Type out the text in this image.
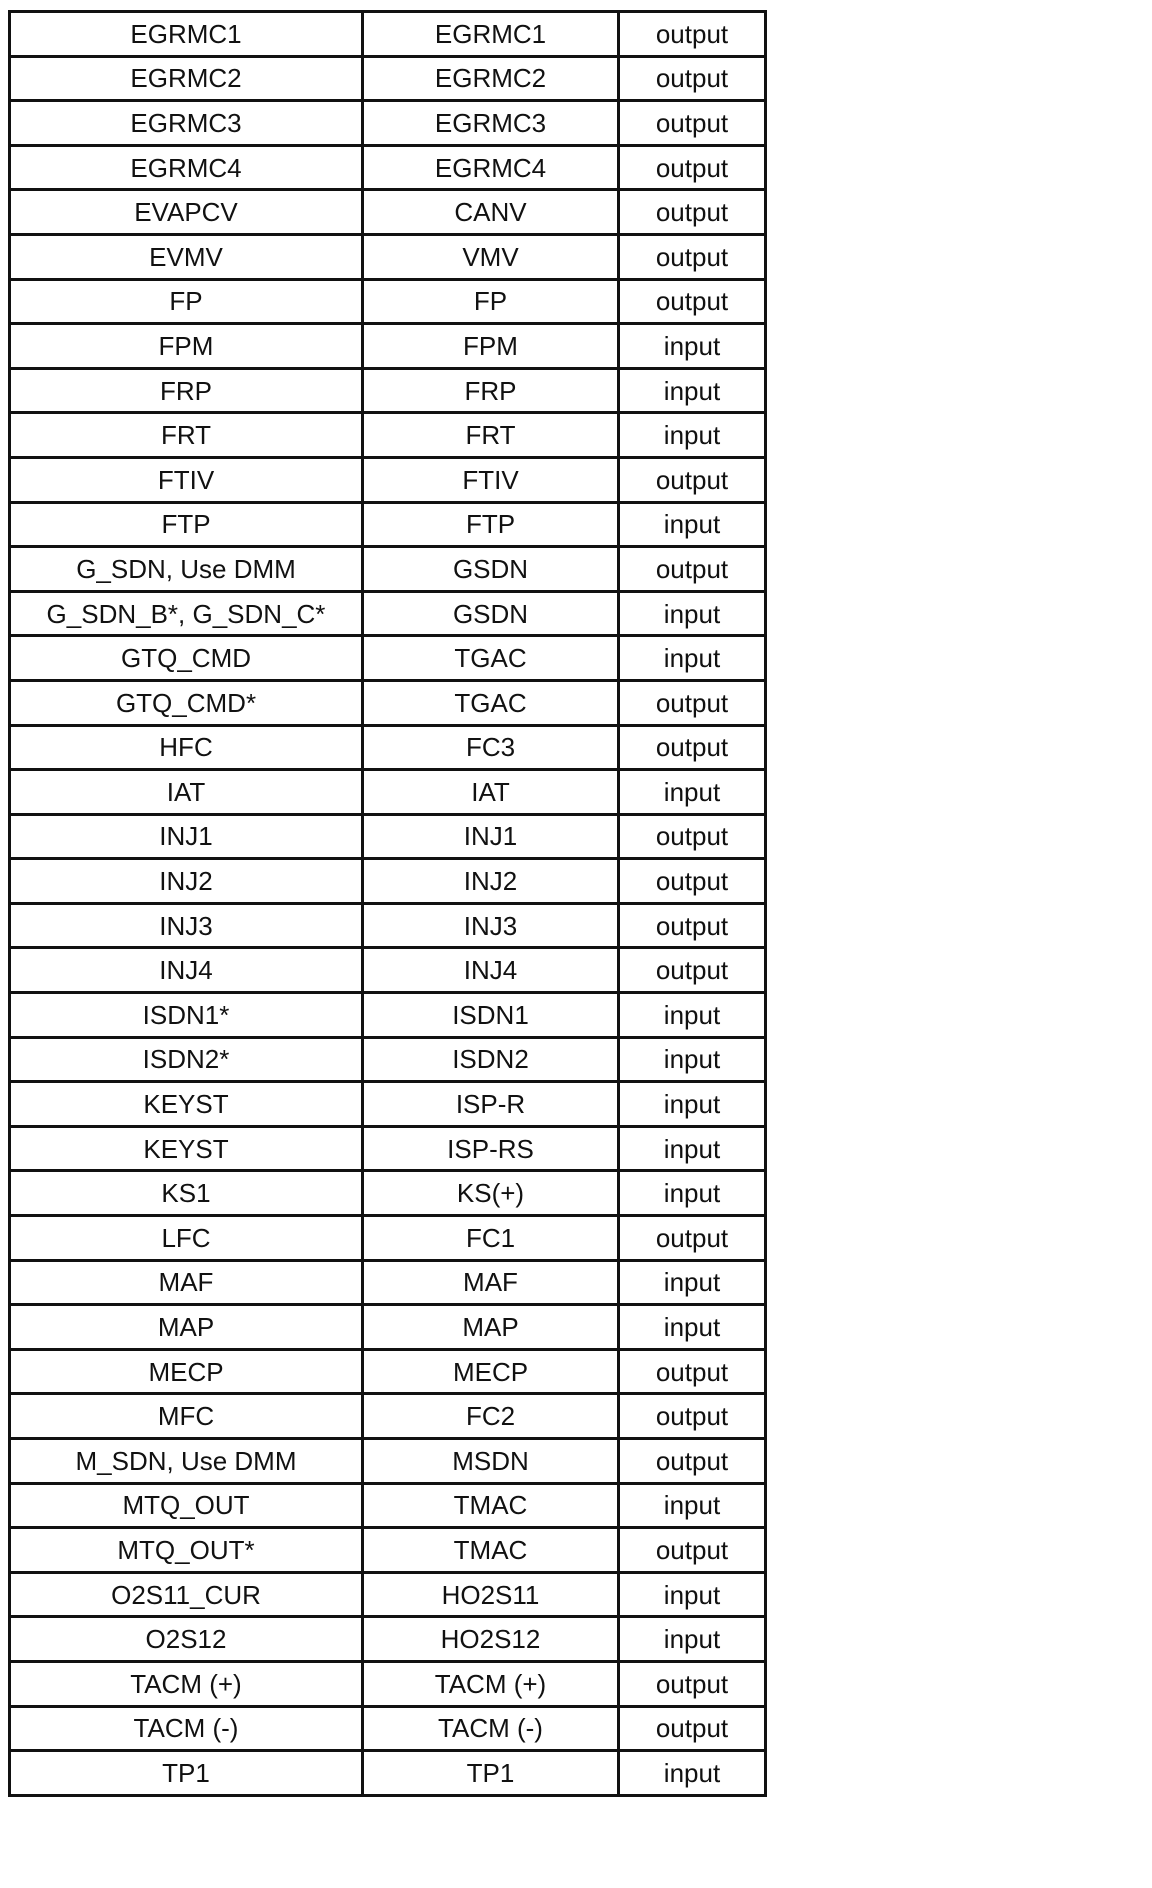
EGRMC1	EGRMC1	output
EGRMC2	EGRMC2	output
EGRMC3	EGRMC3	output
EGRMC4	EGRMC4	output
EVAPCV	CANV	output
EVMV	VMV	output
FP	FP	output
FPM	FPM	input
FRP	FRP	input
FRT	FRT	input
FTIV	FTIV	output
FTP	FTP	input
G_SDN, Use DMM	GSDN	output
G_SDN_B*, G_SDN_C*	GSDN	input
GTQ_CMD	TGAC	input
GTQ_CMD*	TGAC	output
HFC	FC3	output
IAT	IAT	input
INJ1	INJ1	output
INJ2	INJ2	output
INJ3	INJ3	output
INJ4	INJ4	output
ISDN1*	ISDN1	input
ISDN2*	ISDN2	input
KEYST	ISP-R	input
KEYST	ISP-RS	input
KS1	KS(+)	input
LFC	FC1	output
MAF	MAF	input
MAP	MAP	input
MECP	MECP	output
MFC	FC2	output
M_SDN, Use DMM	MSDN	output
MTQ_OUT	TMAC	input
MTQ_OUT*	TMAC	output
O2S11_CUR	HO2S11	input
O2S12	HO2S12	input
TACM (+)	TACM (+)	output
TACM (-)	TACM (-)	output
TP1	TP1	input
